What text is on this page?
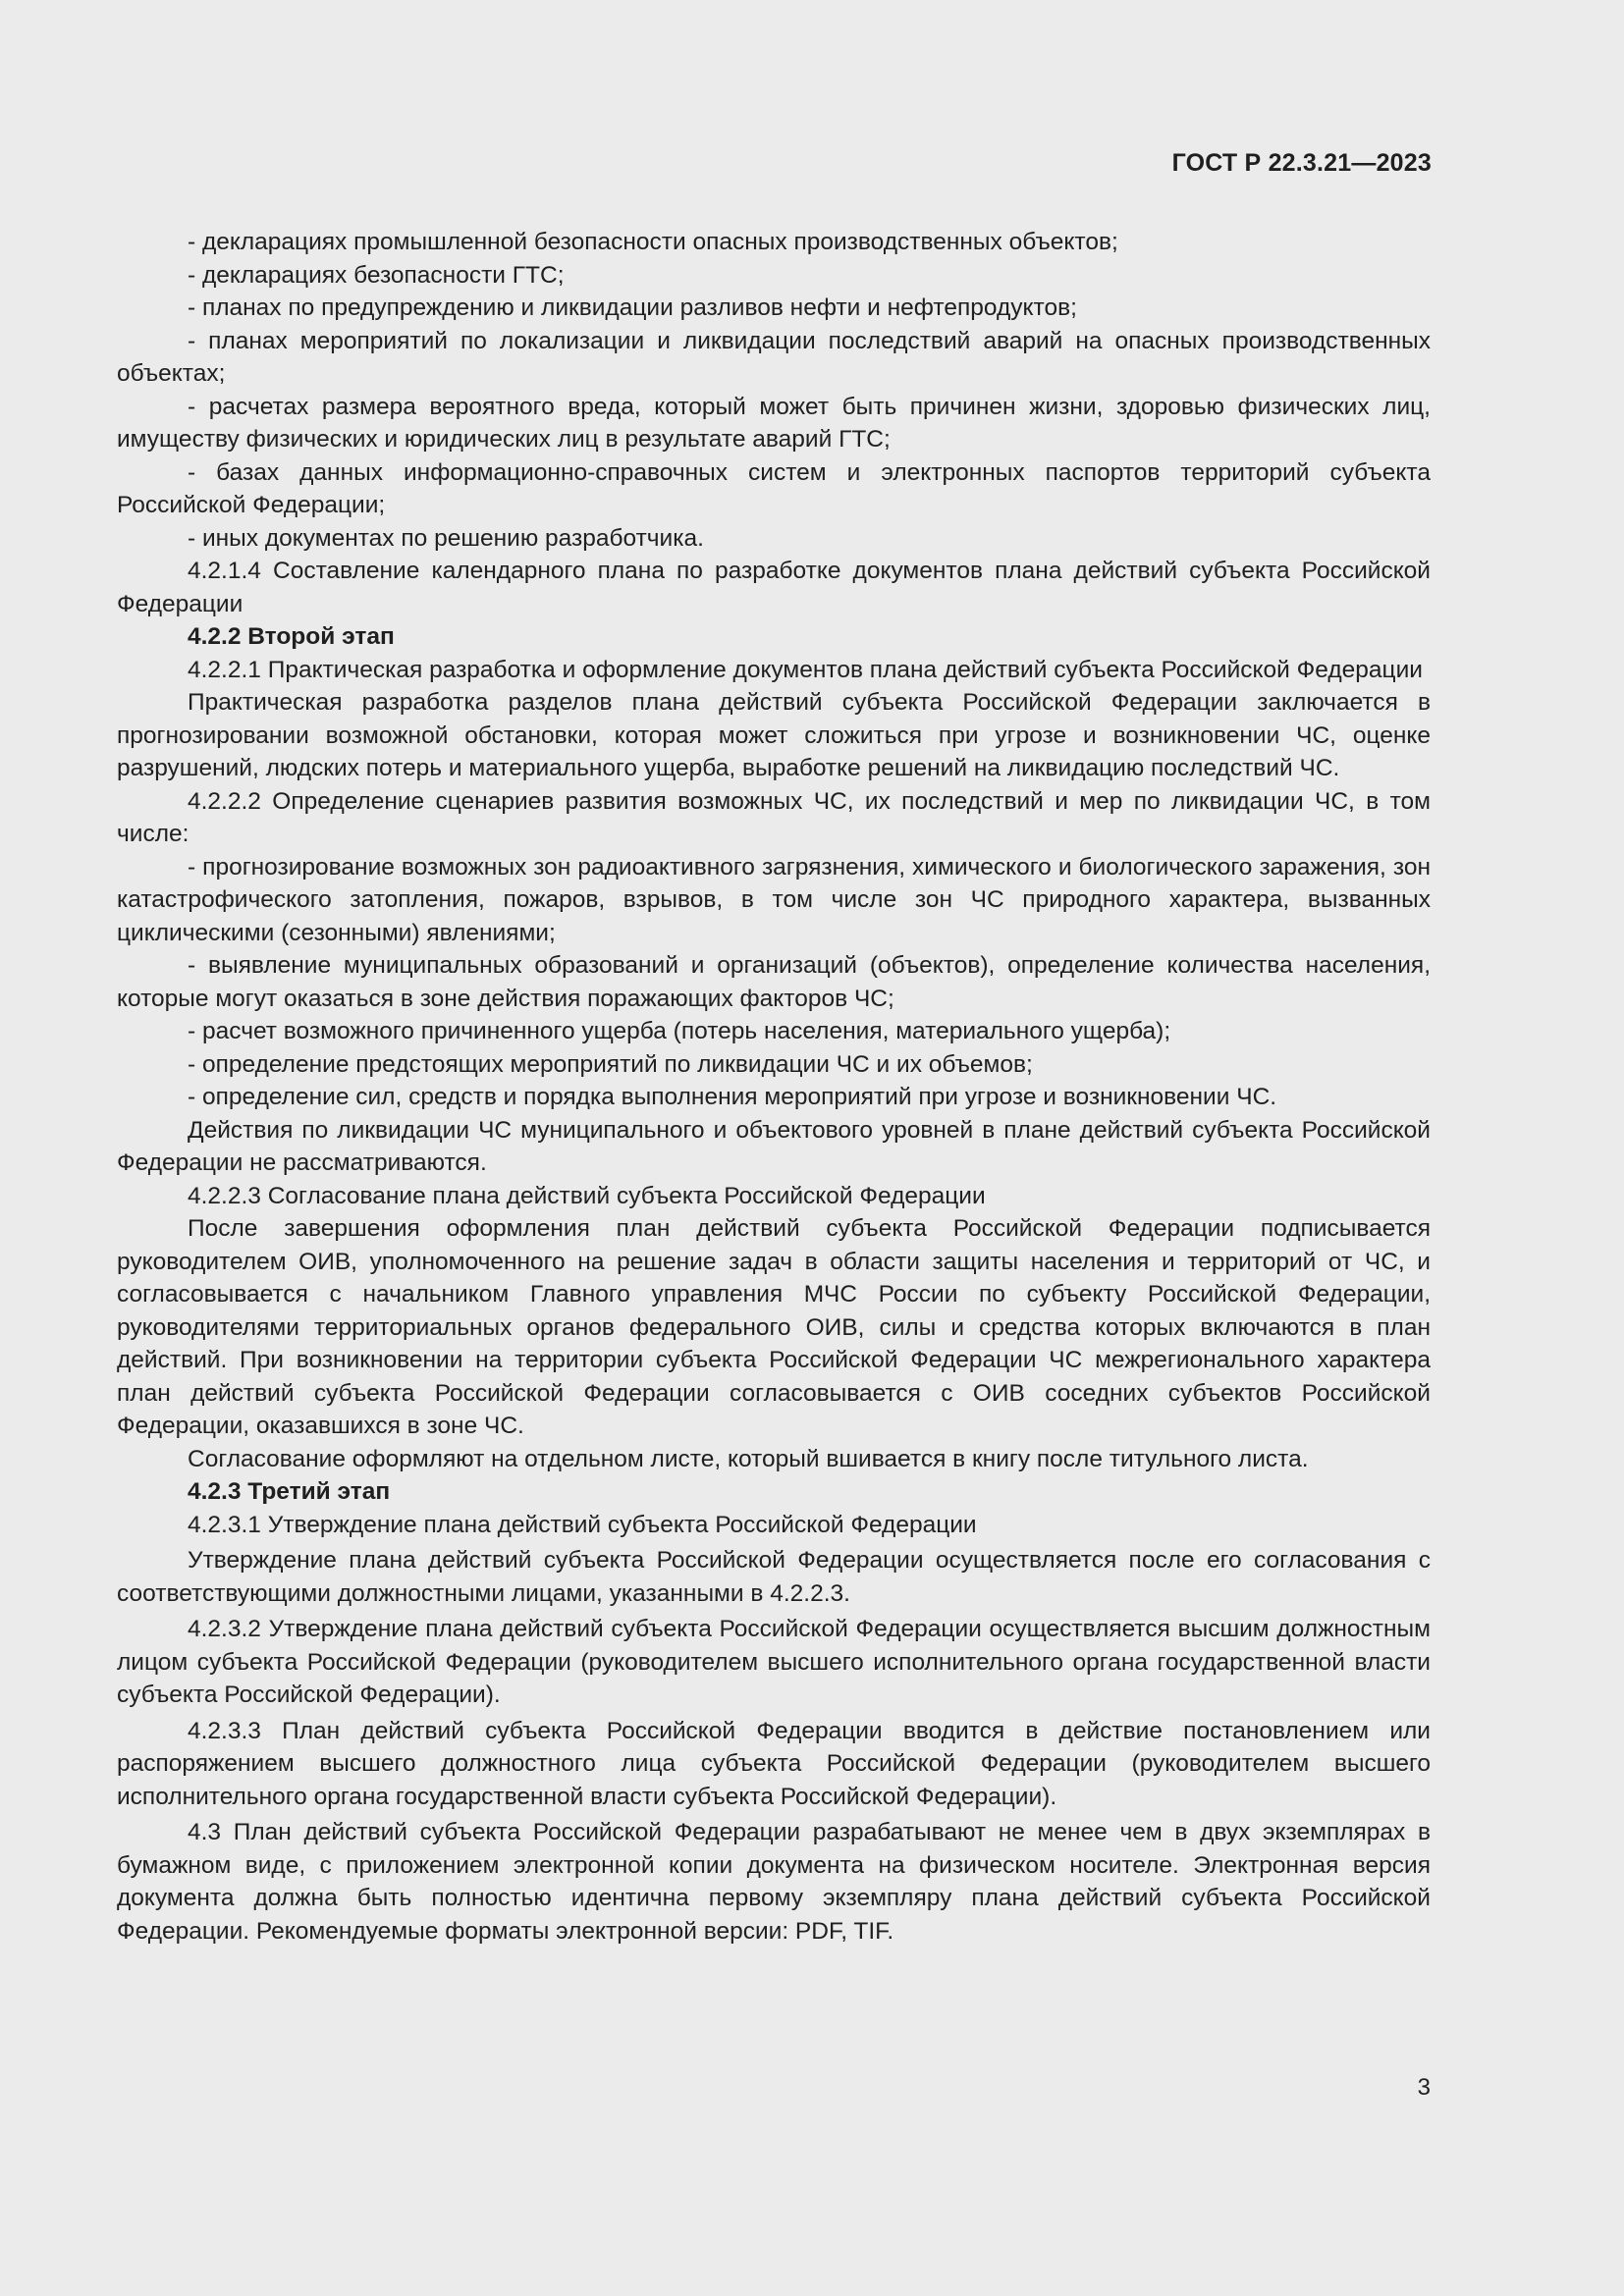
ГОСТ Р 22.3.21—2023

- декларациях промышленной безопасности опасных производственных объектов;

- декларациях безопасности ГТС;

- планах по предупреждению и ликвидации разливов нефти и нефтепродуктов;

- планах мероприятий по локализации и ликвидации последствий аварий на опасных производственных объектах;

- расчетах размера вероятного вреда, который может быть причинен жизни, здоровью физических лиц, имуществу физических и юридических лиц в результате аварий ГТС;

- базах данных информационно-справочных систем и электронных паспортов территорий субъекта Российской Федерации;

- иных документах по решению разработчика.

4.2.1.4 Составление календарного плана по разработке документов плана действий субъекта Российской Федерации

4.2.2 Второй этап

4.2.2.1 Практическая разработка и оформление документов плана действий субъекта Российской Федерации

Практическая разработка разделов плана действий субъекта Российской Федерации заключается в прогнозировании возможной обстановки, которая может сложиться при угрозе и возникновении ЧС, оценке разрушений, людских потерь и материального ущерба, выработке решений на ликвидацию последствий ЧС.

4.2.2.2 Определение сценариев развития возможных ЧС, их последствий и мер по ликвидации ЧС, в том числе:

- прогнозирование возможных зон радиоактивного загрязнения, химического и биологического заражения, зон катастрофического затопления, пожаров, взрывов, в том числе зон ЧС природного характера, вызванных циклическими (сезонными) явлениями;

- выявление муниципальных образований и организаций (объектов), определение количества населения, которые могут оказаться в зоне действия поражающих факторов ЧС;

- расчет возможного причиненного ущерба (потерь населения, материального ущерба);

- определение предстоящих мероприятий по ликвидации ЧС и их объемов;

- определение сил, средств и порядка выполнения мероприятий при угрозе и возникновении ЧС.

Действия по ликвидации ЧС муниципального и объектового уровней в плане действий субъекта Российской Федерации не рассматриваются.

4.2.2.3 Согласование плана действий субъекта Российской Федерации

После завершения оформления план действий субъекта Российской Федерации подписывается руководителем ОИВ, уполномоченного на решение задач в области защиты населения и территорий от ЧС, и согласовывается с начальником Главного управления МЧС России по субъекту Российской Федерации, руководителями территориальных органов федерального ОИВ, силы и средства которых включаются в план действий. При возникновении на территории субъекта Российской Федерации ЧС межрегионального характера план действий субъекта Российской Федерации согласовывается с ОИВ соседних субъектов Российской Федерации, оказавшихся в зоне ЧС.

Согласование оформляют на отдельном листе, который вшивается в книгу после титульного листа.

4.2.3 Третий этап

4.2.3.1 Утверждение плана действий субъекта Российской Федерации

Утверждение плана действий субъекта Российской Федерации осуществляется после его согласования с соответствующими должностными лицами, указанными в 4.2.2.3.

4.2.3.2 Утверждение плана действий субъекта Российской Федерации осуществляется высшим должностным лицом субъекта Российской Федерации (руководителем высшего исполнительного органа государственной власти субъекта Российской Федерации).

4.2.3.3 План действий субъекта Российской Федерации вводится в действие постановлением или распоряжением высшего должностного лица субъекта Российской Федерации (руководителем высшего исполнительного органа государственной власти субъекта Российской Федерации).

4.3 План действий субъекта Российской Федерации разрабатывают не менее чем в двух экземплярах в бумажном виде, с приложением электронной копии документа на физическом носителе. Электронная версия документа должна быть полностью идентична первому экземпляру плана действий субъекта Российской Федерации. Рекомендуемые форматы электронной версии: PDF, TIF.

3
